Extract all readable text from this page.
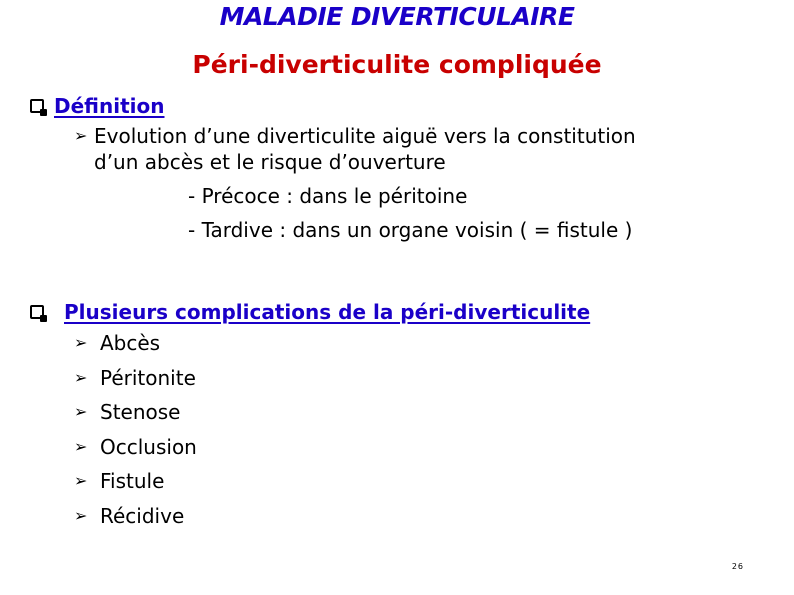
MALADIE DIVERTICULAIRE
Péri-diverticulite compliquée
Définition
➢ Evolution d’une diverticulite aiguë vers la constitution
d’un abcès et le risque d’ouverture
- Précoce : dans le péritoine
- Tardive : dans un organe voisin ( = fistule )
Plusieurs complications de la péri-diverticulite
➢ Abcès
➢ Péritonite
➢ Stenose
➢ Occlusion
➢ Fistule
➢ Récidive
26
